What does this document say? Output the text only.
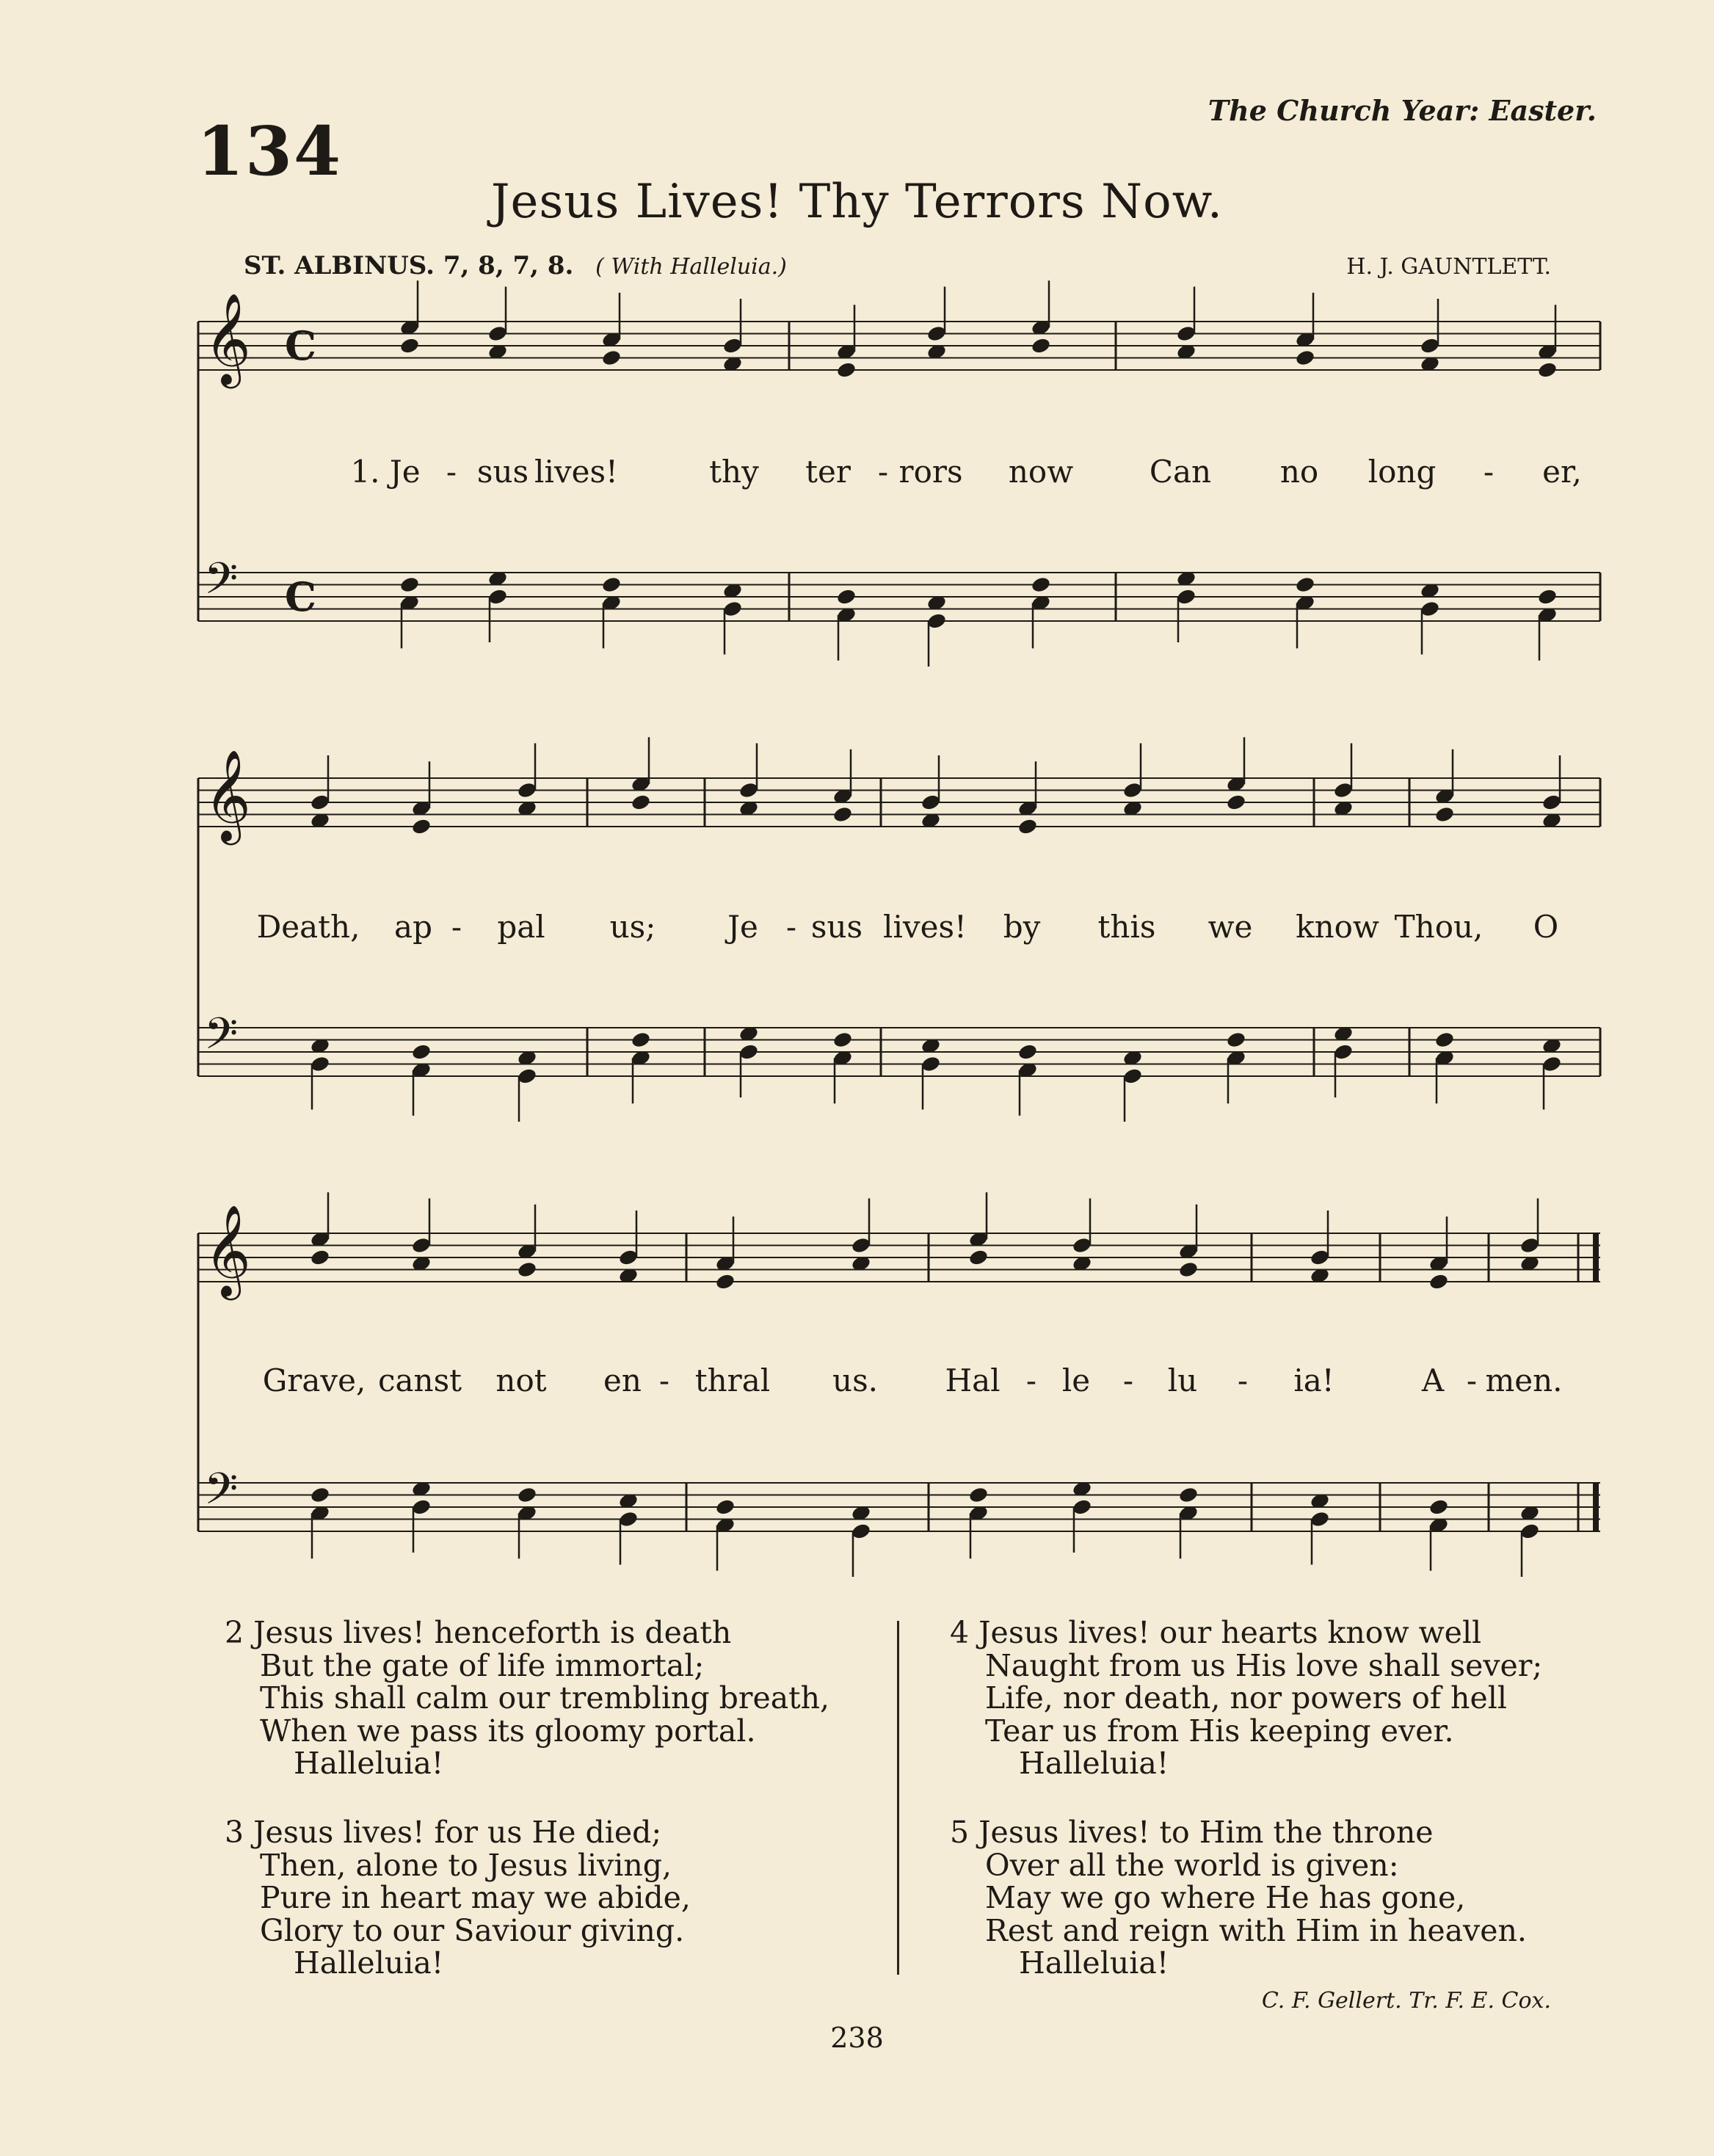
134
The Church Year: Easter.
Jesus Lives! Thy Terrors Now.
ST. ALBINUS. 7, 8, 7, 8. ( With Halleluia.)	H. J. GAUNTLETT.
𝄞 C
𝄢 C
𝄞
𝄢
𝄞
𝄢
1. Je - sus lives!	thy ter - rors now Can no long - er,
Death, ap - pal us; Je - sus lives! by this we know Thou, O
Grave, canst not en - thral us. Hal - le - lu - ia!	A - men.
2 Jesus lives! henceforth is death
But the gate of life immortal;
This shall calm our trembling breath,
When we pass its gloomy portal.
Halleluia!
3 Jesus lives! for us He died;
Then, alone to Jesus living,
Pure in heart may we abide,
Glory to our Saviour giving.
Halleluia!
4 Jesus lives! our hearts know well
Naught from us His love shall sever;
Life, nor death, nor powers of hell
Tear us from His keeping ever.
Halleluia!
5 Jesus lives! to Him the throne
Over all the world is given:
May we go where He has gone,
Rest and reign with Him in heaven.
Halleluia!
C. F. Gellert. Tr. F. E. Cox.
238
